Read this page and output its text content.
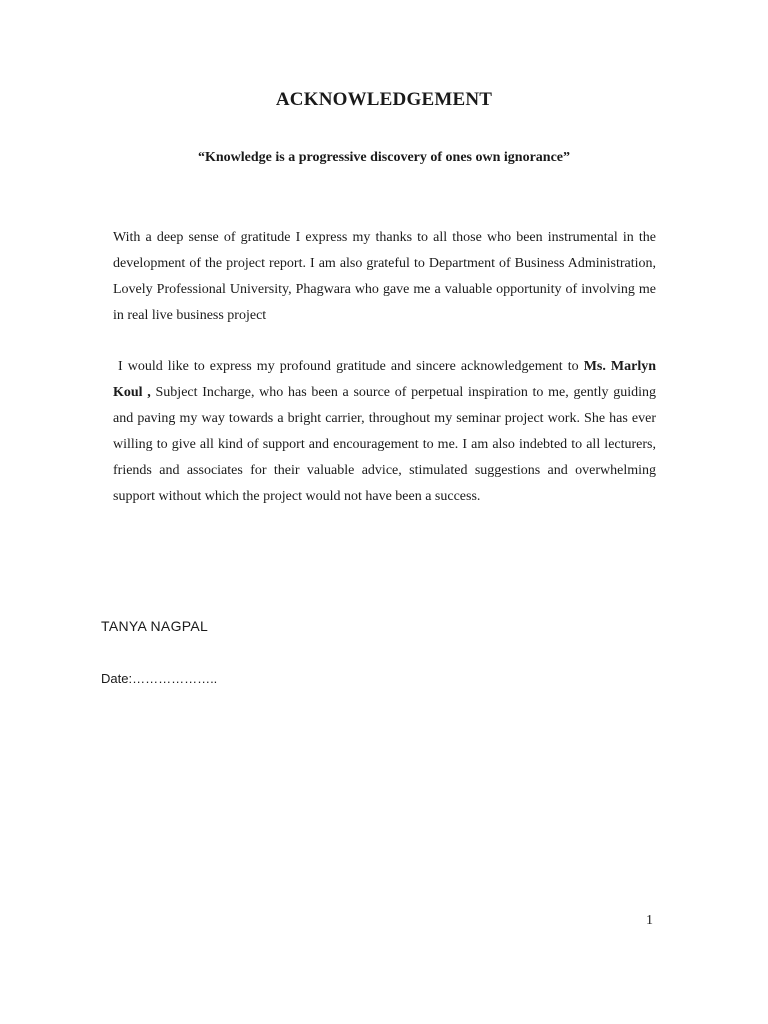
ACKNOWLEDGEMENT

“Knowledge is a progressive discovery of ones own ignorance”

With a deep sense of gratitude I express my thanks to all those who been instrumental in the development of the project report. I am also grateful to Department of Business Administration, Lovely Professional University, Phagwara who gave me a valuable opportunity of involving me in real live business project

I would like to express my profound gratitude and sincere acknowledgement to Ms. Marlyn Koul , Subject Incharge, who has been a source of perpetual inspiration to me, gently guiding and paving my way towards a bright carrier, throughout my seminar project work. She has ever willing to give all kind of support and encouragement to me. I am also indebted to all lecturers, friends and associates for their valuable advice, stimulated suggestions and overwhelming support without which the project would not have been a success.

TANYA NAGPAL

Date:………………..

1
